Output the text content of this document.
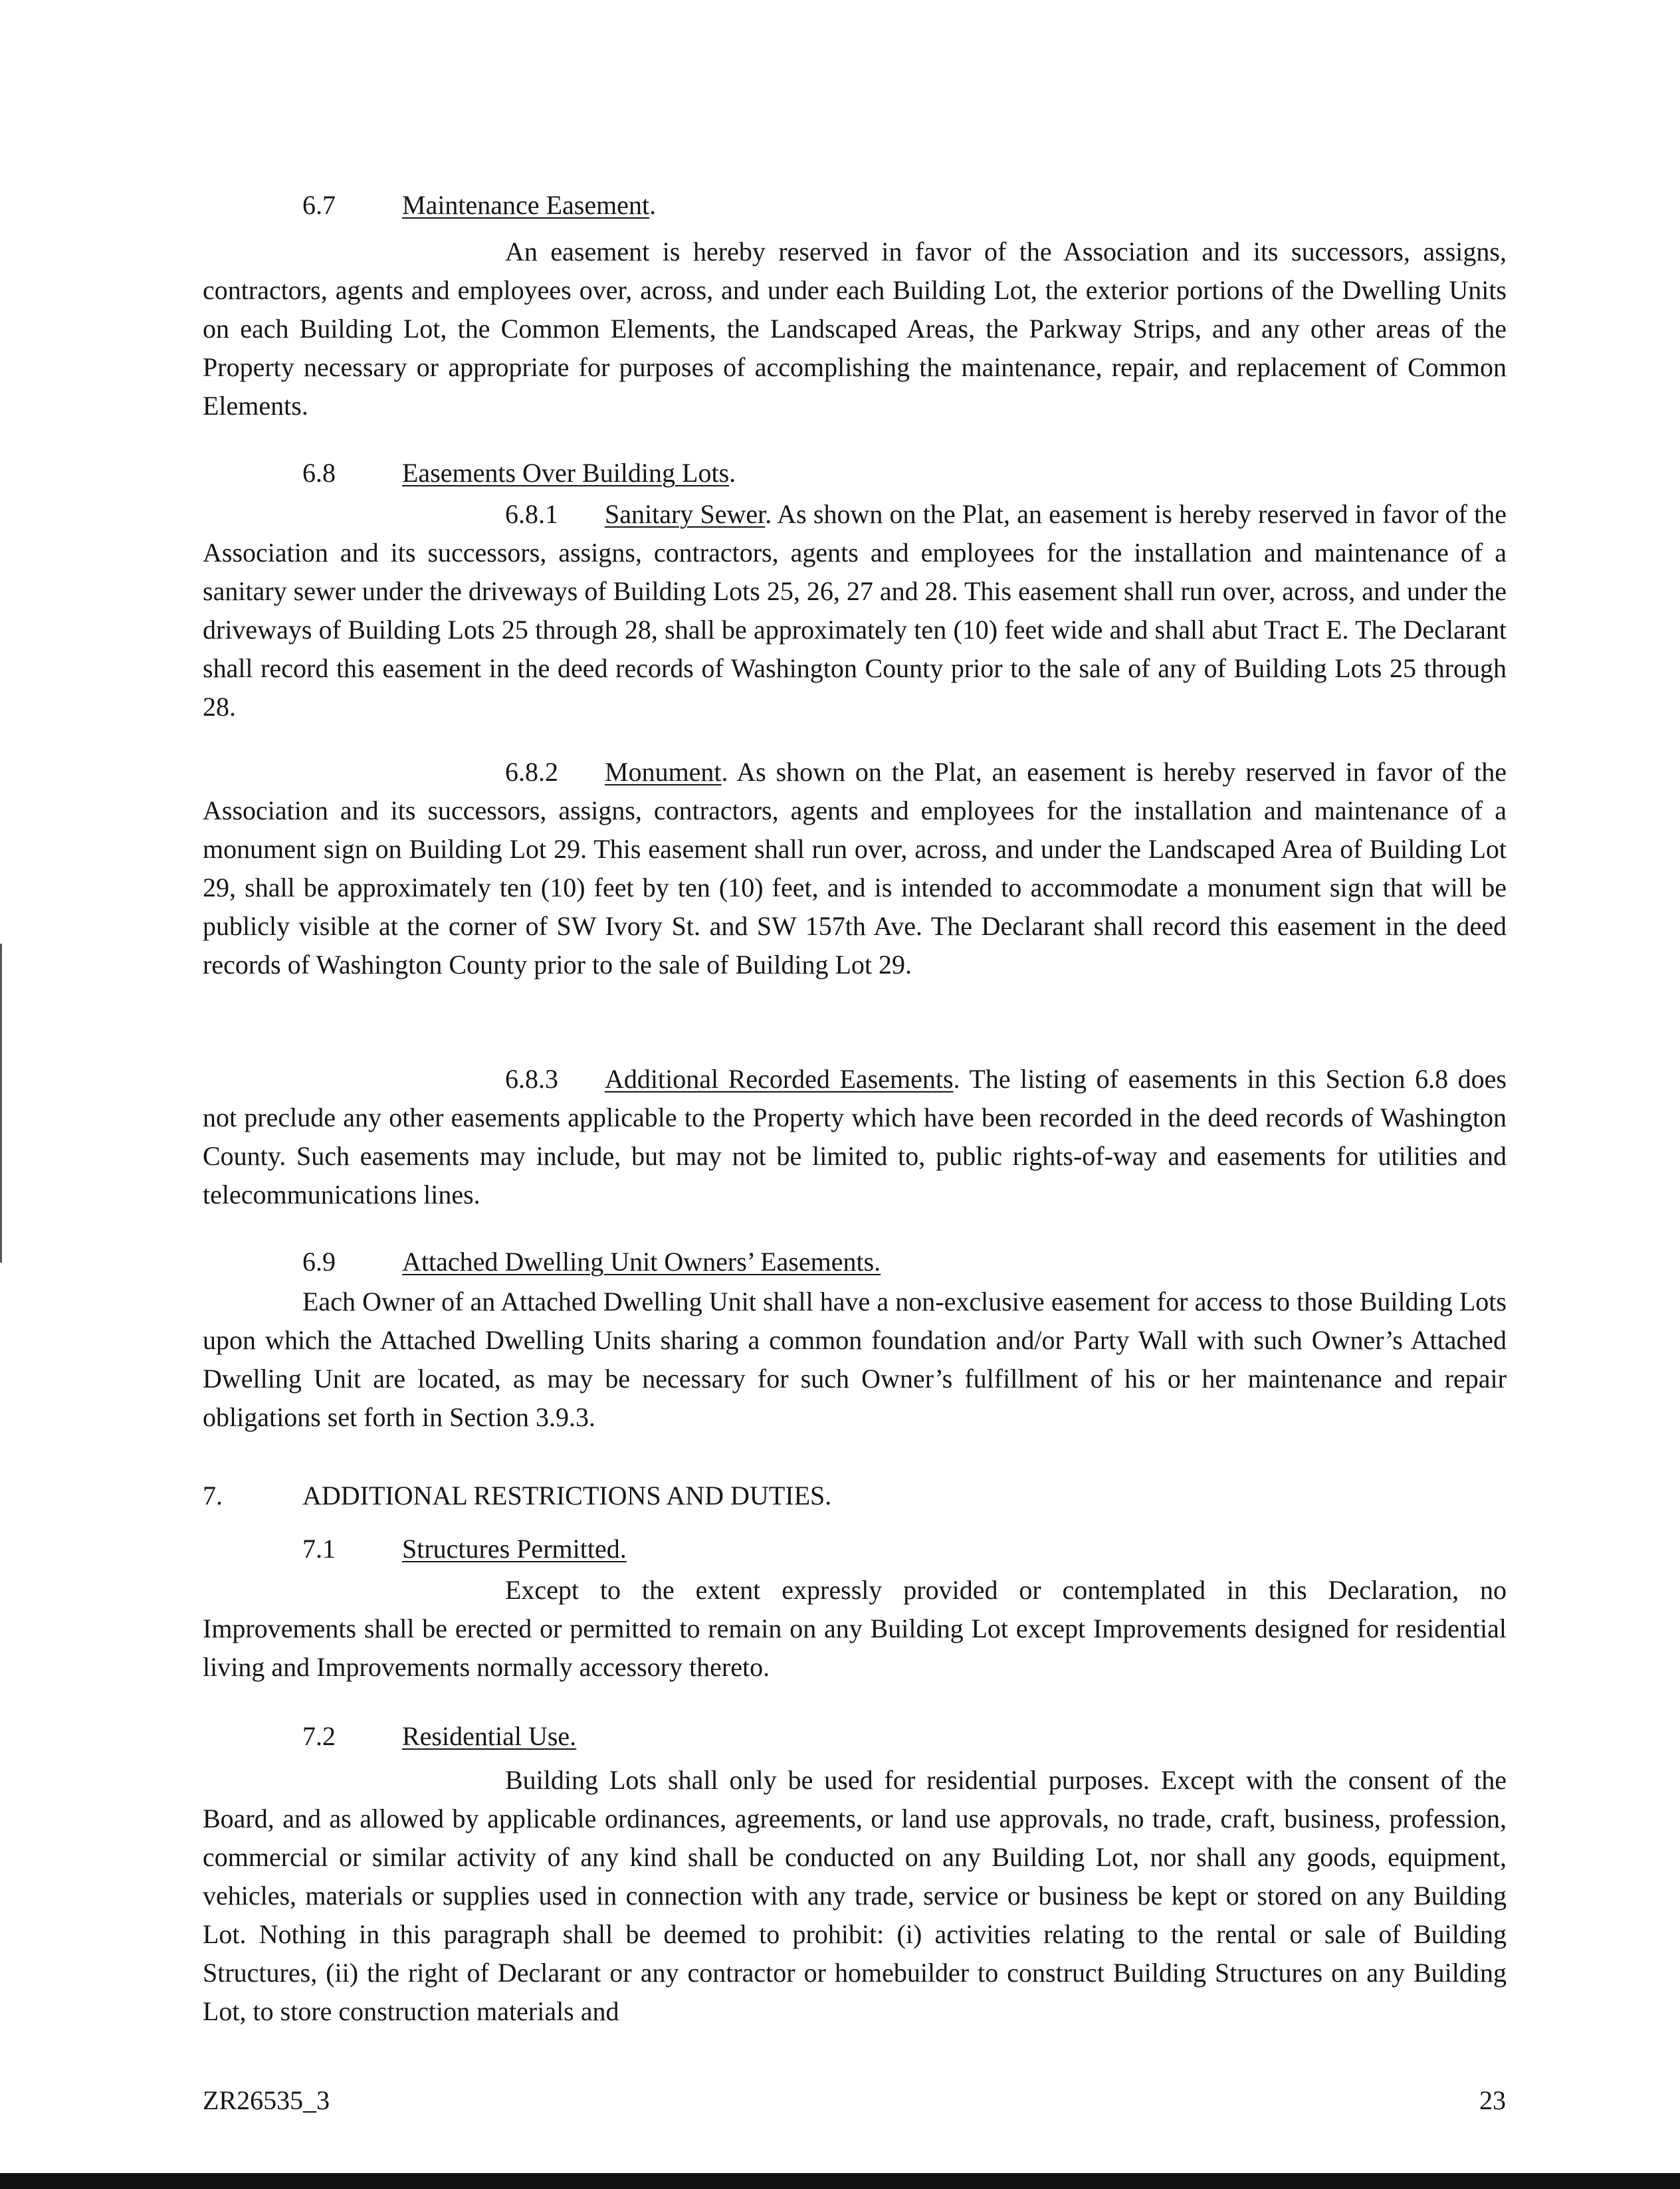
6.7	Maintenance Easement.

An easement is hereby reserved in favor of the Association and its successors, assigns, contractors, agents and employees over, across, and under each Building Lot, the exterior portions of the Dwelling Units on each Building Lot, the Common Elements, the Landscaped Areas, the Parkway Strips, and any other areas of the Property necessary or appropriate for purposes of accomplishing the maintenance, repair, and replacement of Common Elements.

6.8	Easements Over Building Lots.

6.8.1 Sanitary Sewer. As shown on the Plat, an easement is hereby reserved in favor of the Association and its successors, assigns, contractors, agents and employees for the installation and maintenance of a sanitary sewer under the driveways of Building Lots 25, 26, 27 and 28. This easement shall run over, across, and under the driveways of Building Lots 25 through 28, shall be approximately ten (10) feet wide and shall abut Tract E. The Declarant shall record this easement in the deed records of Washington County prior to the sale of any of Building Lots 25 through 28.

6.8.2 Monument. As shown on the Plat, an easement is hereby reserved in favor of the Association and its successors, assigns, contractors, agents and employees for the installation and maintenance of a monument sign on Building Lot 29. This easement shall run over, across, and under the Landscaped Area of Building Lot 29, shall be approximately ten (10) feet by ten (10) feet, and is intended to accommodate a monument sign that will be publicly visible at the corner of SW Ivory St. and SW 157th Ave. The Declarant shall record this easement in the deed records of Washington County prior to the sale of Building Lot 29.

6.8.3 Additional Recorded Easements. The listing of easements in this Section 6.8 does not preclude any other easements applicable to the Property which have been recorded in the deed records of Washington County. Such easements may include, but may not be limited to, public rights-of-way and easements for utilities and telecommunications lines.

6.9	Attached Dwelling Unit Owners’ Easements.

Each Owner of an Attached Dwelling Unit shall have a non-exclusive easement for access to those Building Lots upon which the Attached Dwelling Units sharing a common foundation and/or Party Wall with such Owner’s Attached Dwelling Unit are located, as may be necessary for such Owner’s fulfillment of his or her maintenance and repair obligations set forth in Section 3.9.3.

7.	ADDITIONAL RESTRICTIONS AND DUTIES.

7.1	Structures Permitted.

Except to the extent expressly provided or contemplated in this Declaration, no Improvements shall be erected or permitted to remain on any Building Lot except Improvements designed for residential living and Improvements normally accessory thereto.

7.2	Residential Use.

Building Lots shall only be used for residential purposes. Except with the consent of the Board, and as allowed by applicable ordinances, agreements, or land use approvals, no trade, craft, business, profession, commercial or similar activity of any kind shall be conducted on any Building Lot, nor shall any goods, equipment, vehicles, materials or supplies used in connection with any trade, service or business be kept or stored on any Building Lot. Nothing in this paragraph shall be deemed to prohibit: (i) activities relating to the rental or sale of Building Structures, (ii) the right of Declarant or any contractor or homebuilder to construct Building Structures on any Building Lot, to store construction materials and

ZR26535_3	23
